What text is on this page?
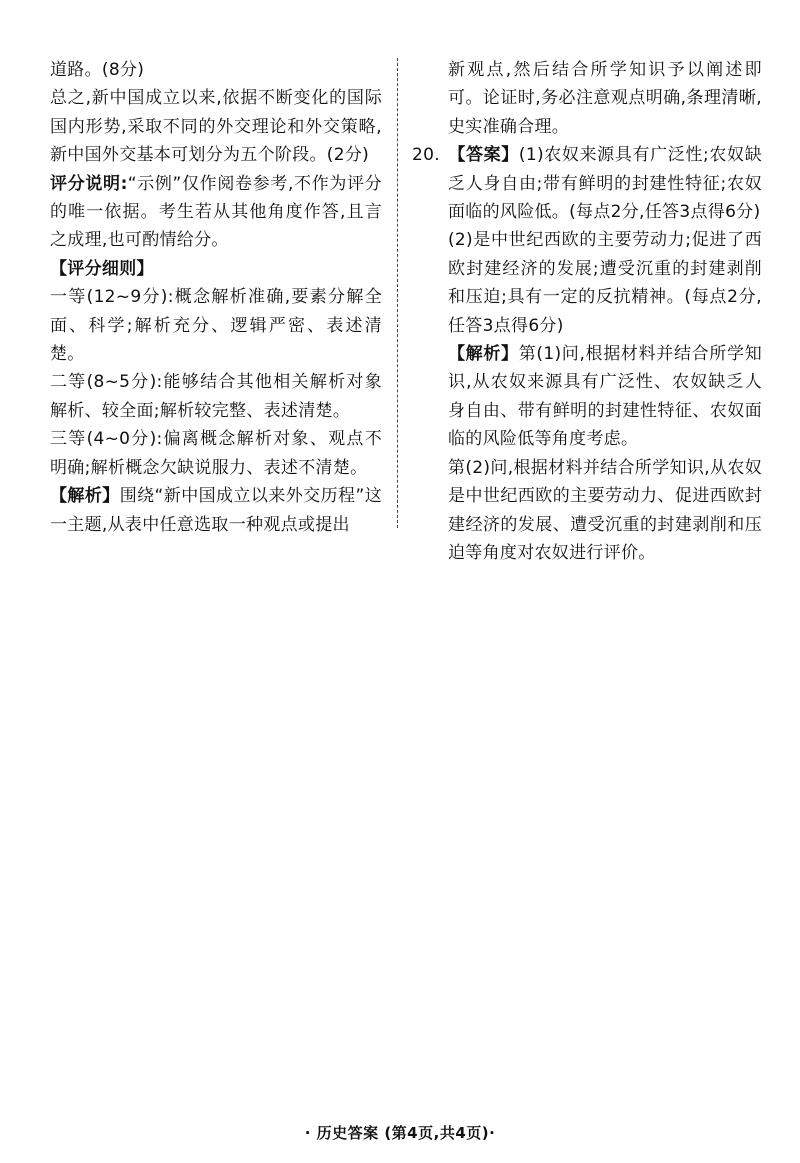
道路。(8分)

总之,新中国成立以来,依据不断变化的国际国内形势,采取不同的外交理论和外交策略,新中国外交基本可划分为五个阶段。(2分)

评分说明:“示例”仅作阅卷参考,不作为评分的唯一依据。考生若从其他角度作答,且言之成理,也可酌情给分。

【评分细则】

一等(12~9分):概念解析准确,要素分解全面、科学;解析充分、逻辑严密、表述清楚。

二等(8~5分):能够结合其他相关解析对象解析、较全面;解析较完整、表述清楚。

三等(4~0分):偏离概念解析对象、观点不明确;解析概念欠缺说服力、表述不清楚。

【解析】围绕“新中国成立以来外交历程”这一主题,从表中任意选取一种观点或提出

新观点,然后结合所学知识予以阐述即可。论证时,务必注意观点明确,条理清晰,史实准确合理。

20. 【答案】(1)农奴来源具有广泛性;农奴缺乏人身自由;带有鲜明的封建性特征;农奴面临的风险低。(每点2分,任答3点得6分)

(2)是中世纪西欧的主要劳动力;促进了西欧封建经济的发展;遭受沉重的封建剥削和压迫;具有一定的反抗精神。(每点2分,任答3点得6分)

【解析】第(1)问,根据材料并结合所学知识,从农奴来源具有广泛性、农奴缺乏人身自由、带有鲜明的封建性特征、农奴面临的风险低等角度考虑。

第(2)问,根据材料并结合所学知识,从农奴是中世纪西欧的主要劳动力、促进西欧封建经济的发展、遭受沉重的封建剥削和压迫等角度对农奴进行评价。

· 历史答案 (第4页,共4页)·
